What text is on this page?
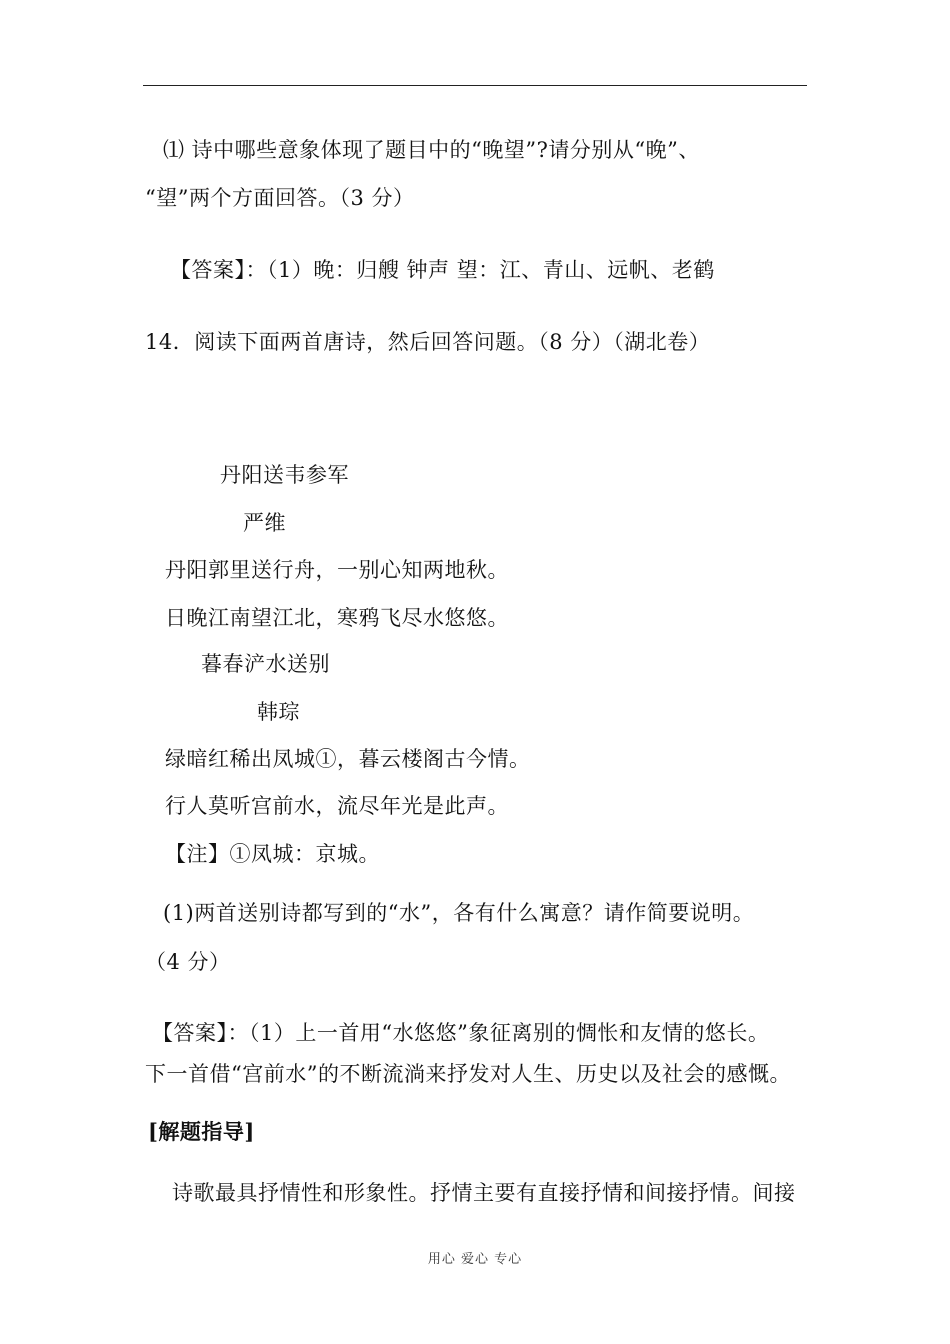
⑴ 诗中哪些意象体现了题目中的“晚望”?请分别从“晚”、
“望”两个方面回答。（3 分）
【答案】：（1）晚：归艘 钟声 望：江、青山、远帆、老鹤
14．阅读下面两首唐诗，然后回答问题。（8 分）（湖北卷）
丹阳送韦参军
严维
丹阳郭里送行舟，一别心知两地秋。
日晚江南望江北，寒鸦飞尽水悠悠。
暮春浐水送别
韩琮
绿暗红稀出凤城①，暮云楼阁古今情。
行人莫听宫前水，流尽年光是此声。
【注】①凤城：京城。
(1)两首送别诗都写到的“水”，各有什么寓意？请作简要说明。
（4 分）
【答案】：（1）上一首用“水悠悠”象征离别的惆怅和友情的悠长。
下一首借“宫前水”的不断流淌来抒发对人生、历史以及社会的感慨。
[解题指导]
诗歌最具抒情性和形象性。抒情主要有直接抒情和间接抒情。间接
用心 爱心 专心
